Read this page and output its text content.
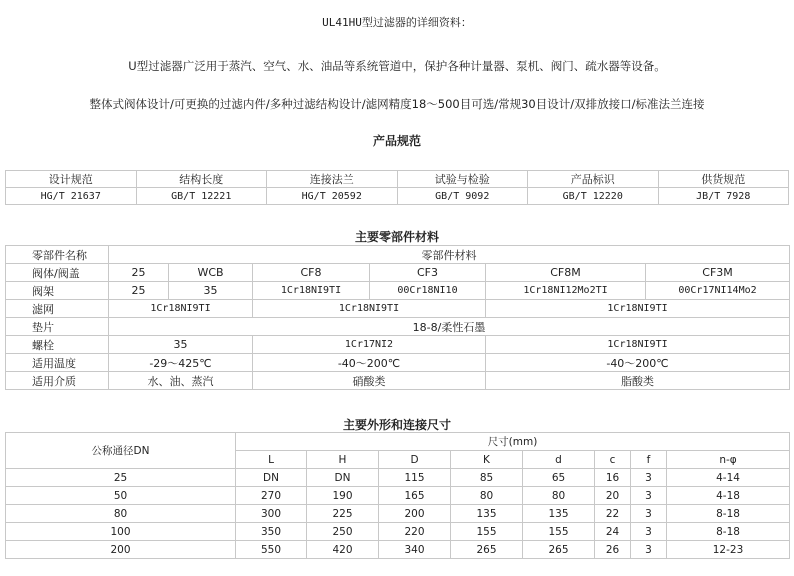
UL41HU型过滤器的详细资料：
U型过滤器广泛用于蒸汽、空气、水、油品等系统管道中，保护各种计量器、泵机、阀门、疏水器等设备。
整体式阀体设计/可更换的过滤内件/多种过滤结构设计/滤网精度18～500目可选/常规30目设计/双排放接口/标准法兰连接
产品规范
设计规范	结构长度	连接法兰	试验与检验	产品标识	供货规范
HG/T 21637	GB/T 12221	HG/T 20592	GB/T 9092	GB/T 12220	JB/T 7928
主要零部件材料
零部件名称	零部件材料					
阀体/阀盖	25	WCB	CF8	CF3	CF8M	CF3M
阀架	25	35	1Cr18NI9TI	00Cr18NI10	1Cr18NI12Mo2TI	00Cr17NI14Mo2
滤网	1Cr18NI9TI		1Cr18NI9TI		1Cr18NI9TI	
垫片	18-8/柔性石墨					
螺栓	35		1Cr17NI2		1Cr18NI9TI	
适用温度	-29～425℃		-40～200℃		-40～200℃	
适用介质	水、油、蒸汽		硝酸类		脂酸类	
主要外形和连接尺寸
公称通径DN	尺寸(mm)							
	L	H	D	K	d	c	f	n-φ
25	DN	DN	115	85	65	16	3	4-14
50	270	190	165	80	80	20	3	4-18
80	300	225	200	135	135	22	3	8-18
100	350	250	220	155	155	24	3	8-18
200	550	420	340	265	265	26	3	12-23
